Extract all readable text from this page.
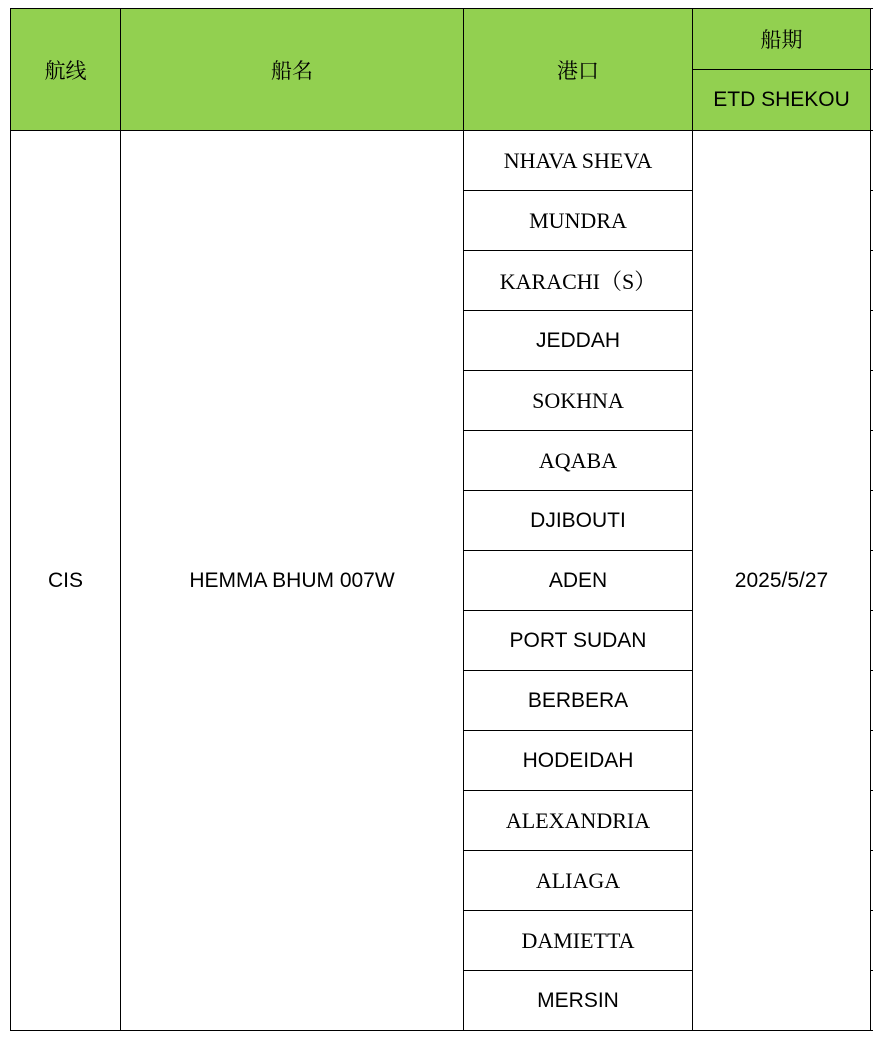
航线	船名	港口	船期	
			ETD SHEKOU	
CIS	HEMMA BHUM 007W	NHAVA SHEVA	2025/5/27	
		MUNDRA		
		KARACHI（S）		
		JEDDAH		
		SOKHNA		
		AQABA		
		DJIBOUTI		
		ADEN		
		PORT SUDAN		
		BERBERA		
		HODEIDAH		
		ALEXANDRIA		
		ALIAGA		
		DAMIETTA		
		MERSIN		
